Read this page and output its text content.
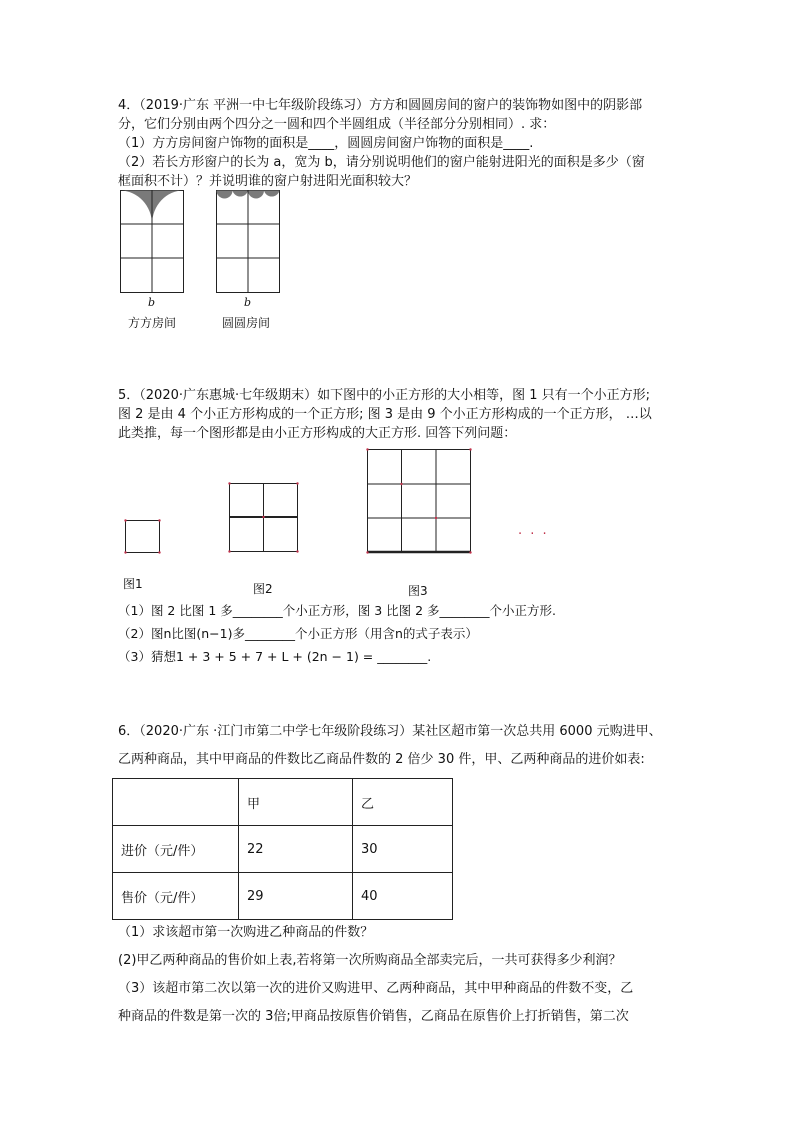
4．（2019·广东 平洲一中七年级阶段练习）方方和圆圆房间的窗户的装饰物如图中的阴影部
分，它们分别由两个四分之一圆和四个半圆组成（半径部分分别相同）. 求：
（1）方方房间窗户饰物的面积是____，圆圆房间窗户饰物的面积是____.
（2）若长方形窗户的长为 a，宽为 b，请分别说明他们的窗户能射进阳光的面积是多少（窗
框面积不计）？并说明谁的窗户射进阳光面积较大？
b	b
方方房间	圆圆房间
5．（2020·广东惠城·七年级期末）如下图中的小正方形的大小相等，图 1 只有一个小正方形;
图 2 是由 4 个小正方形构成的一个正方形; 图 3 是由 9 个小正方形构成的一个正方形， …以
此类推，每一个图形都是由小正方形构成的大正方形. 回答下列问题：
· · ·
图1	图2	图3
（1）图 2 比图 1 多________个小正方形，图 3 比图 2 多________个小正方形.
（2）图n比图(n−1)多________个小正方形（用含n的式子表示）
（3）猜想1 + 3 + 5 + 7 + L + (2n − 1) = ________.
6．（2020·广东 ·江门市第二中学七年级阶段练习）某社区超市第一次总共用 6000 元购进甲、
乙两种商品，其中甲商品的件数比乙商品件数的 2 倍少 30 件，甲、乙两种商品的进价如表:
	甲	乙
进价（元/件）	22	30
售价（元/件）	29	40
（1）求该超市第一次购进乙种商品的件数？
(2)甲乙两种商品的售价如上表,若将第一次所购商品全部卖完后，一共可获得多少利润？
（3）该超市第二次以第一次的进价又购进甲、乙两种商品，其中甲种商品的件数不变，乙
种商品的件数是第一次的 3倍;甲商品按原售价销售，乙商品在原售价上打折销售，第二次
